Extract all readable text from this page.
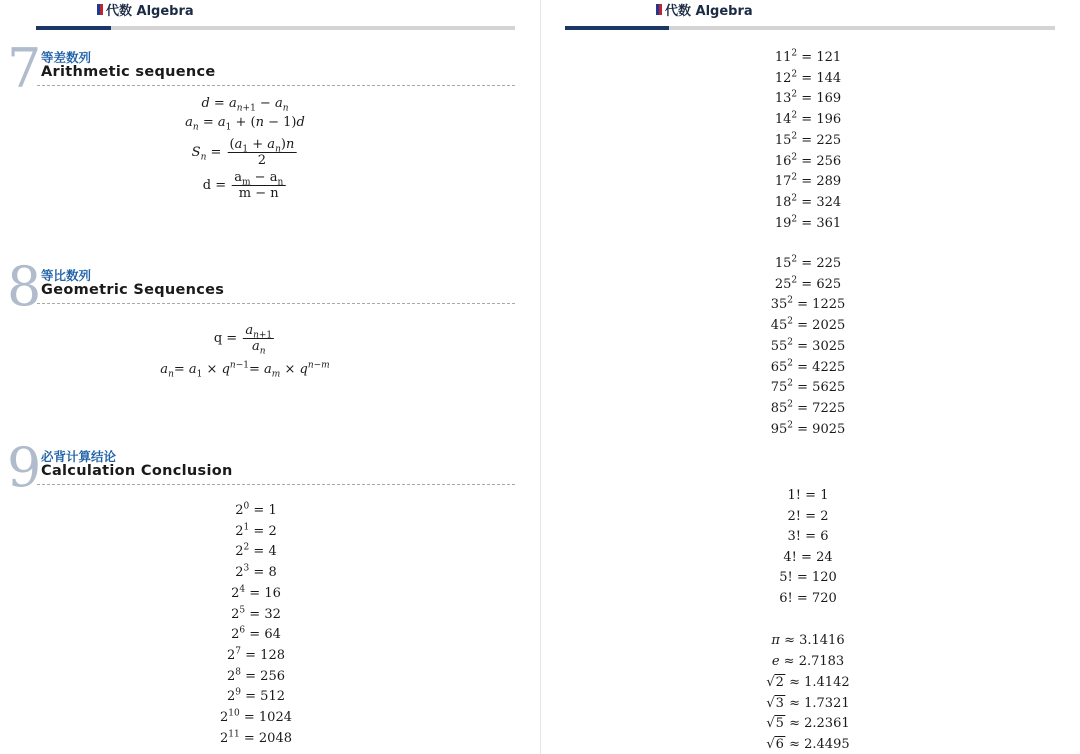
代数 Algebra
7 等差数列
Arithmetic sequence
$d = a_{n+1} - a_n$
$a_n = a_1 + (n - 1)d$
$S_n = \frac{(a_1 + a_n)n}{2}$
$d = \frac{a_m - a_n}{m - n}$
8 等比数列
Geometric Sequences
$q = \frac{a_{n+1}}{a_n}$
$a_n= a_1 \times q^{n-1}= a_m \times q^{n-m}$
9 必背计算结论
Calculation Conclusion
$2^0 = 1$
$2^1 = 2$
$2^2 = 4$
$2^3 = 8$
$2^4 = 16$
$2^5 = 32$
$2^6 = 64$
$2^7 = 128$
$2^8 = 256$
$2^9 = 512$
$2^{10} = 1024$
$2^{11} = 2048$
代数 Algebra
$11^2 = 121$
$12^2 = 144$
$13^2 = 169$
$14^2 = 196$
$15^2 = 225$
$16^2 = 256$
$17^2 = 289$
$18^2 = 324$
$19^2 = 361$
$15^2 = 225$
$25^2 = 625$
$35^2 = 1225$
$45^2 = 2025$
$55^2 = 3025$
$65^2 = 4225$
$75^2 = 5625$
$85^2 = 7225$
$95^2 = 9025$
1! = 1
2! = 2
3! = 6
4! = 24
5! = 120
6! = 720
π ≈ 3.1416
e ≈ 2.7183
√2 ≈ 1.4142
√3 ≈ 1.7321
√5 ≈ 2.2361
√6 ≈ 2.4495
